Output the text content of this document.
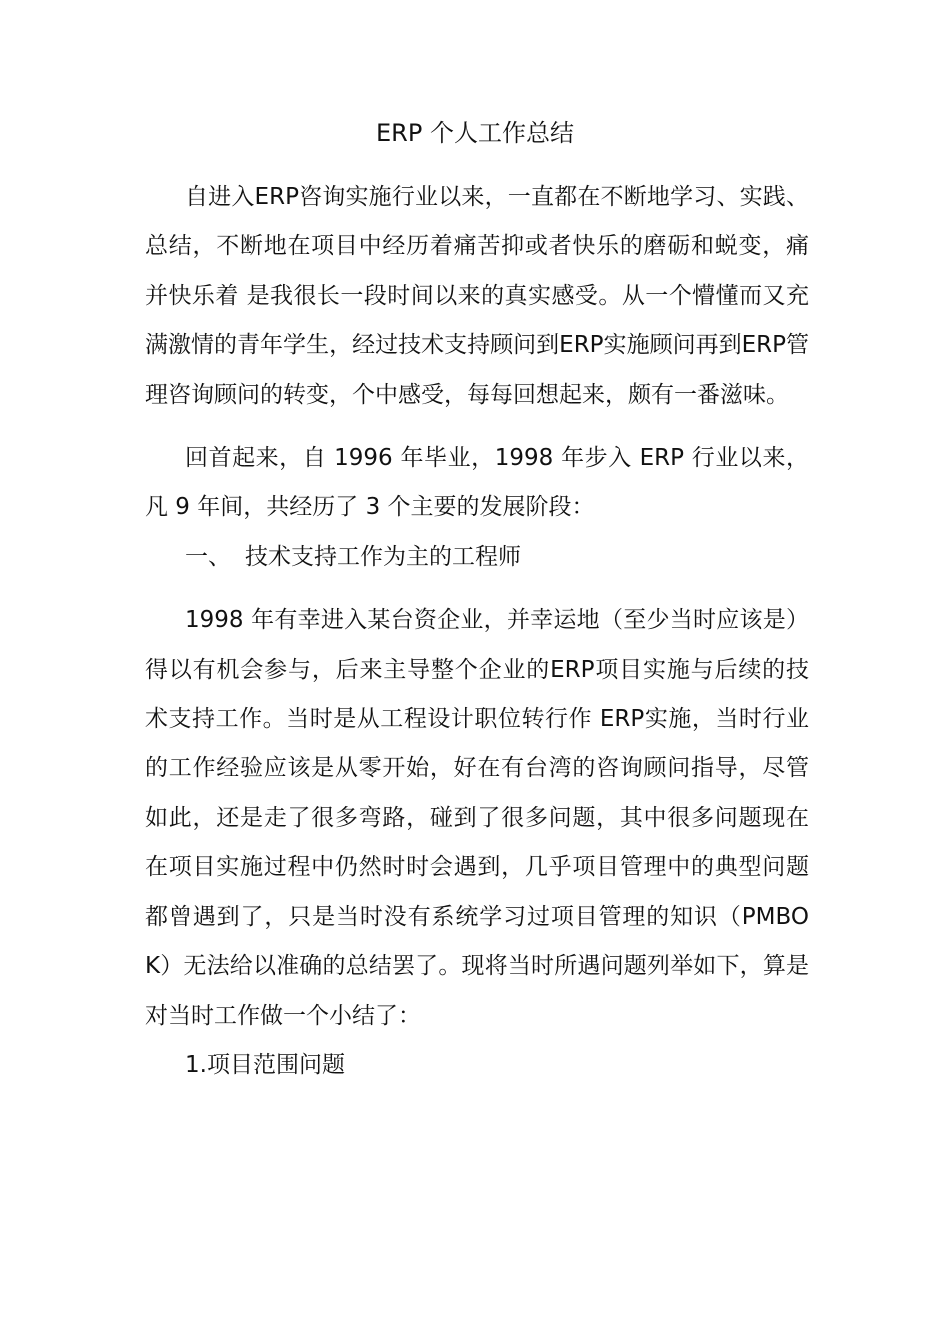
ERP 个人工作总结

自进入ERP咨询实施行业以来，一直都在不断地学习、实践、总结，不断地在项目中经历着痛苦抑或者快乐的磨砺和蜕变，痛并快乐着 是我很长一段时间以来的真实感受。从一个懵懂而又充满激情的青年学生，经过技术支持顾问到ERP实施顾问再到ERP管理咨询顾问的转变，个中感受，每每回想起来，颇有一番滋味。

回首起来，自 1996 年毕业，1998 年步入 ERP 行业以来，凡 9 年间，共经历了 3 个主要的发展阶段：

一、 技术支持工作为主的工程师

1998 年有幸进入某台资企业，并幸运地（至少当时应该是）得以有机会参与，后来主导整个企业的ERP项目实施与后续的技术支持工作。当时是从工程设计职位转行作 ERP实施，当时行业的工作经验应该是从零开始，好在有台湾的咨询顾问指导，尽管如此，还是走了很多弯路，碰到了很多问题，其中很多问题现在在项目实施过程中仍然时时会遇到，几乎项目管理中的典型问题都曾遇到了，只是当时没有系统学习过项目管理的知识（PMBOK）无法给以准确的总结罢了。现将当时所遇问题列举如下，算是对当时工作做一个小结了：

1.项目范围问题
